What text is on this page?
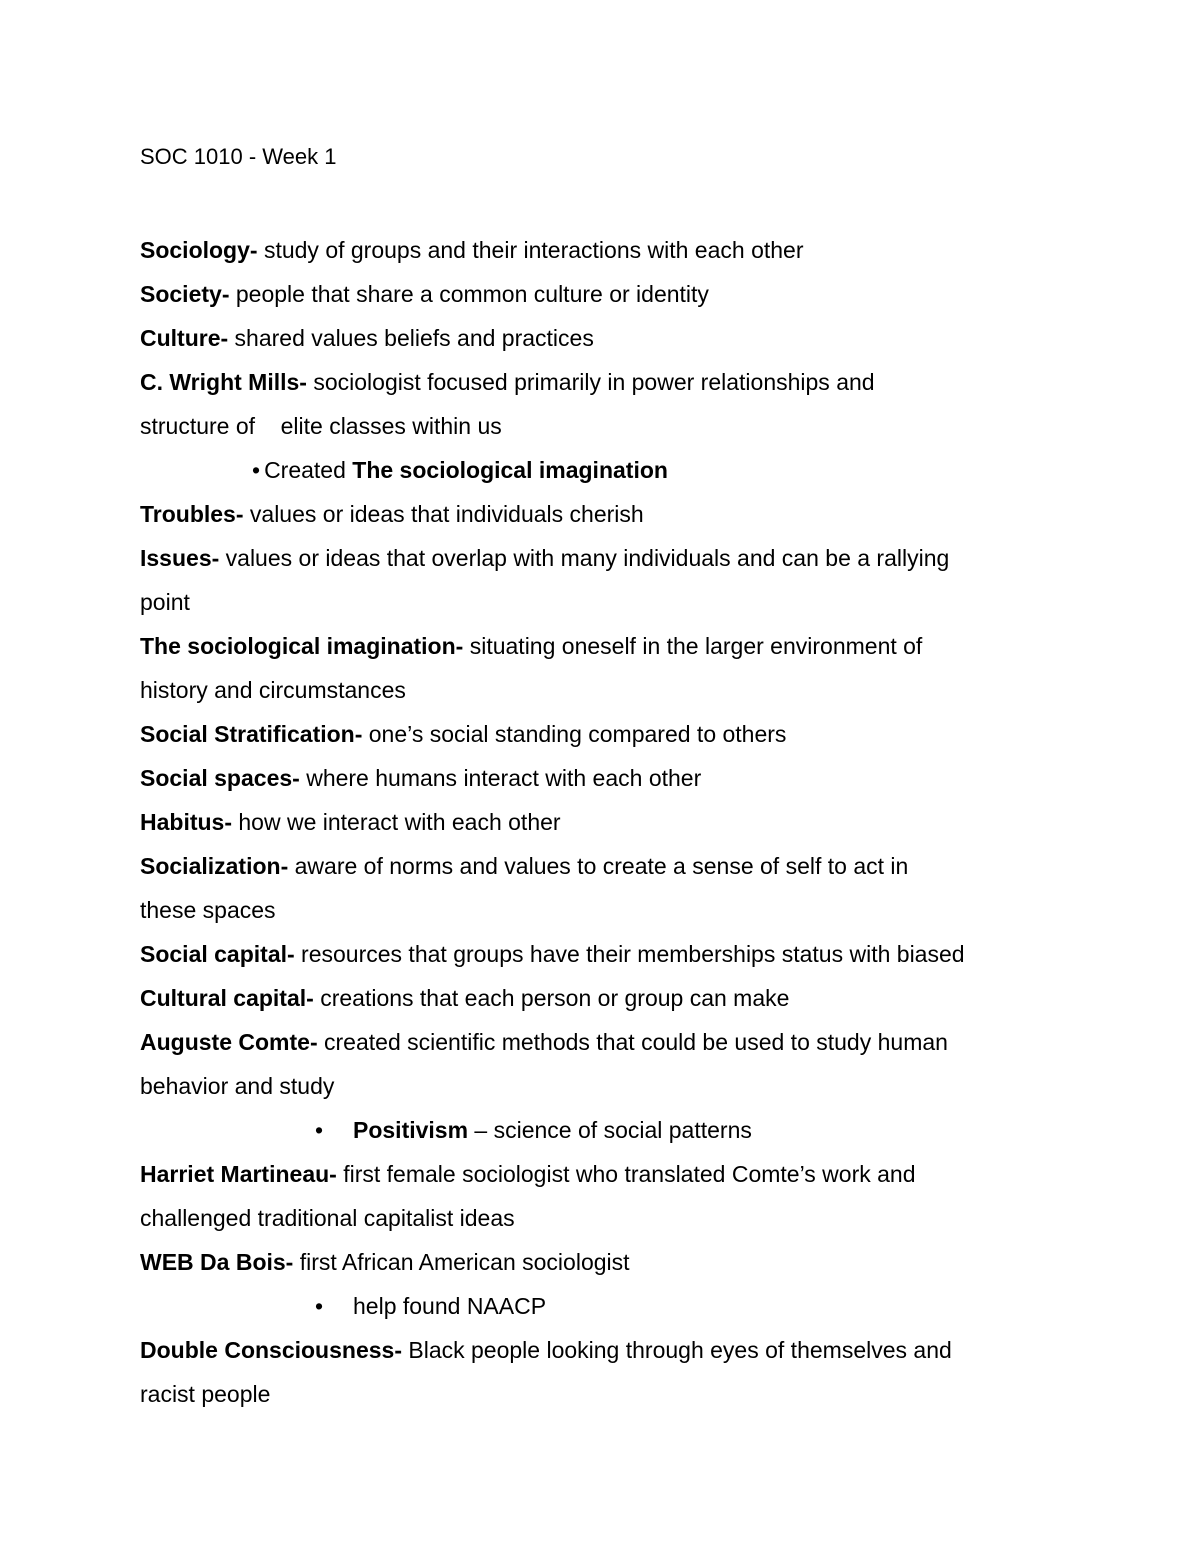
SOC 1010 - Week 1
Sociology- study of groups and their interactions with each other
Society- people that share a common culture or identity
Culture- shared values beliefs and practices
C. Wright Mills- sociologist focused primarily in power relationships and
structure of    elite classes within us
• Created The sociological imagination
Troubles- values or ideas that individuals cherish
Issues- values or ideas that overlap with many individuals and can be a rallying
point
The sociological imagination- situating oneself in the larger environment of
history and circumstances
Social Stratification- one’s social standing compared to others
Social spaces- where humans interact with each other
Habitus- how we interact with each other
Socialization- aware of norms and values to create a sense of self to act in
these spaces
Social capital- resources that groups have their memberships status with biased
Cultural capital- creations that each person or group can make
Auguste Comte- created scientific methods that could be used to study human
behavior and study
• Positivism – science of social patterns
Harriet Martineau- first female sociologist who translated Comte’s work and
challenged traditional capitalist ideas
WEB Da Bois- first African American sociologist
• help found NAACP
Double Consciousness- Black people looking through eyes of themselves and
racist people
